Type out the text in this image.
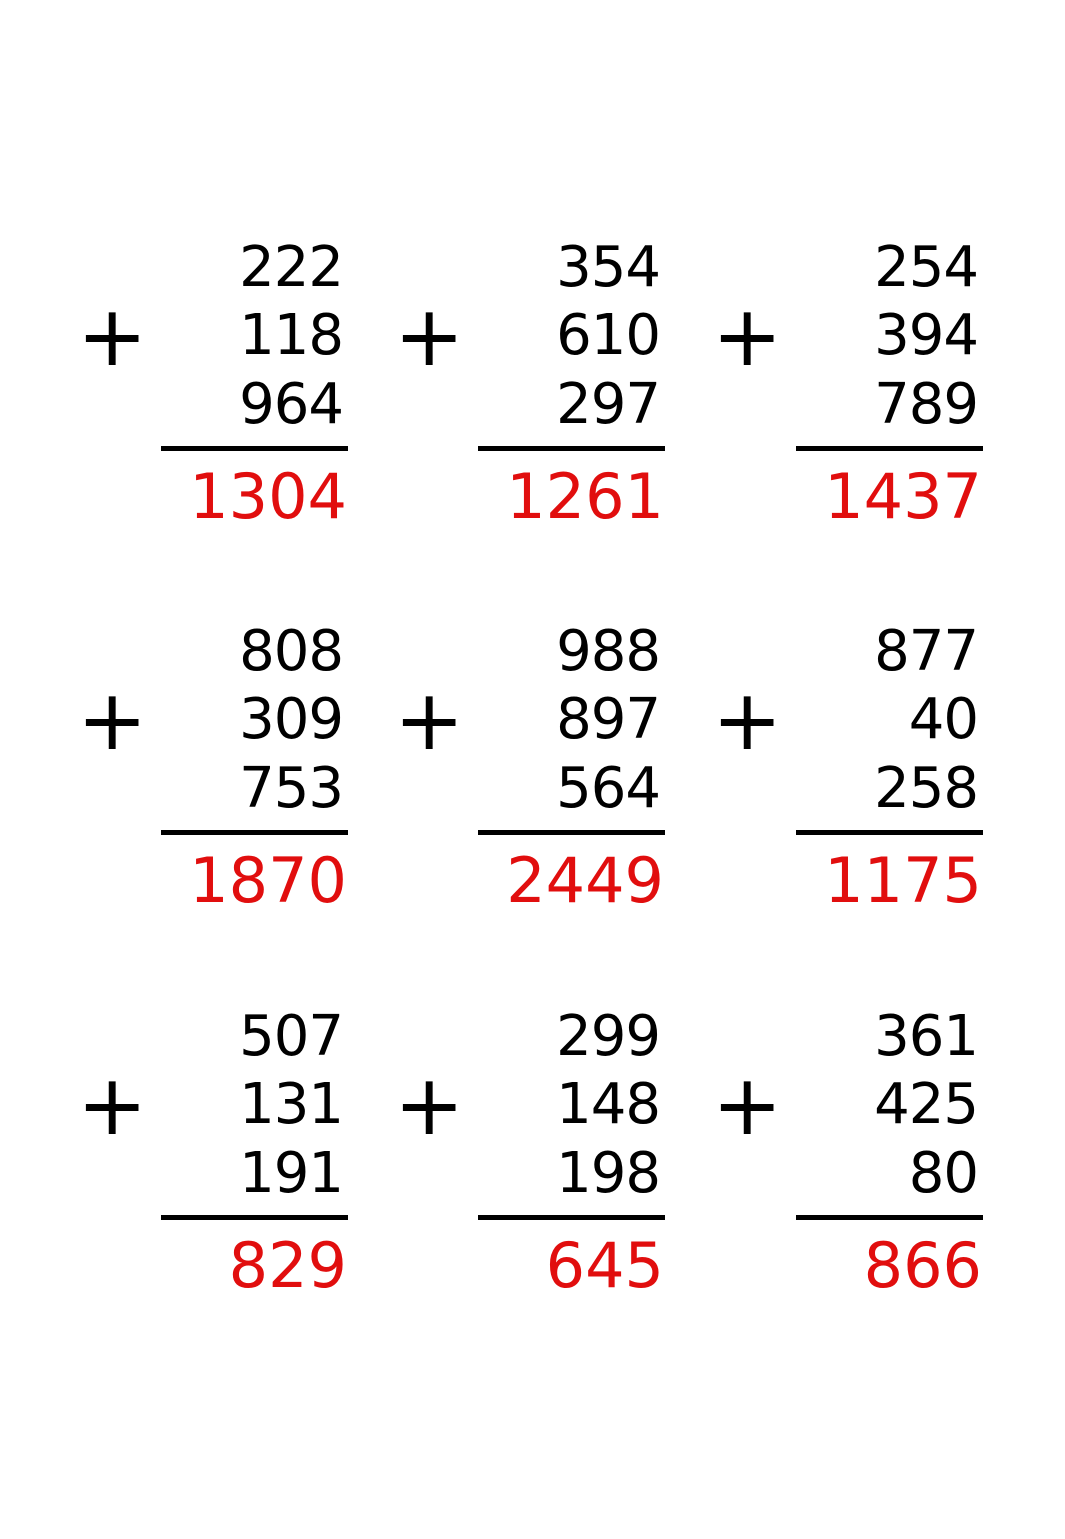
+
222
118
964
1304
+
354
610
297
1261
+
254
394
789
1437
+
808
309
753
1870
+
988
897
564
2449
+
877
40
258
1175
+
507
131
191
829
+
299
148
198
645
+
361
425
80
866
